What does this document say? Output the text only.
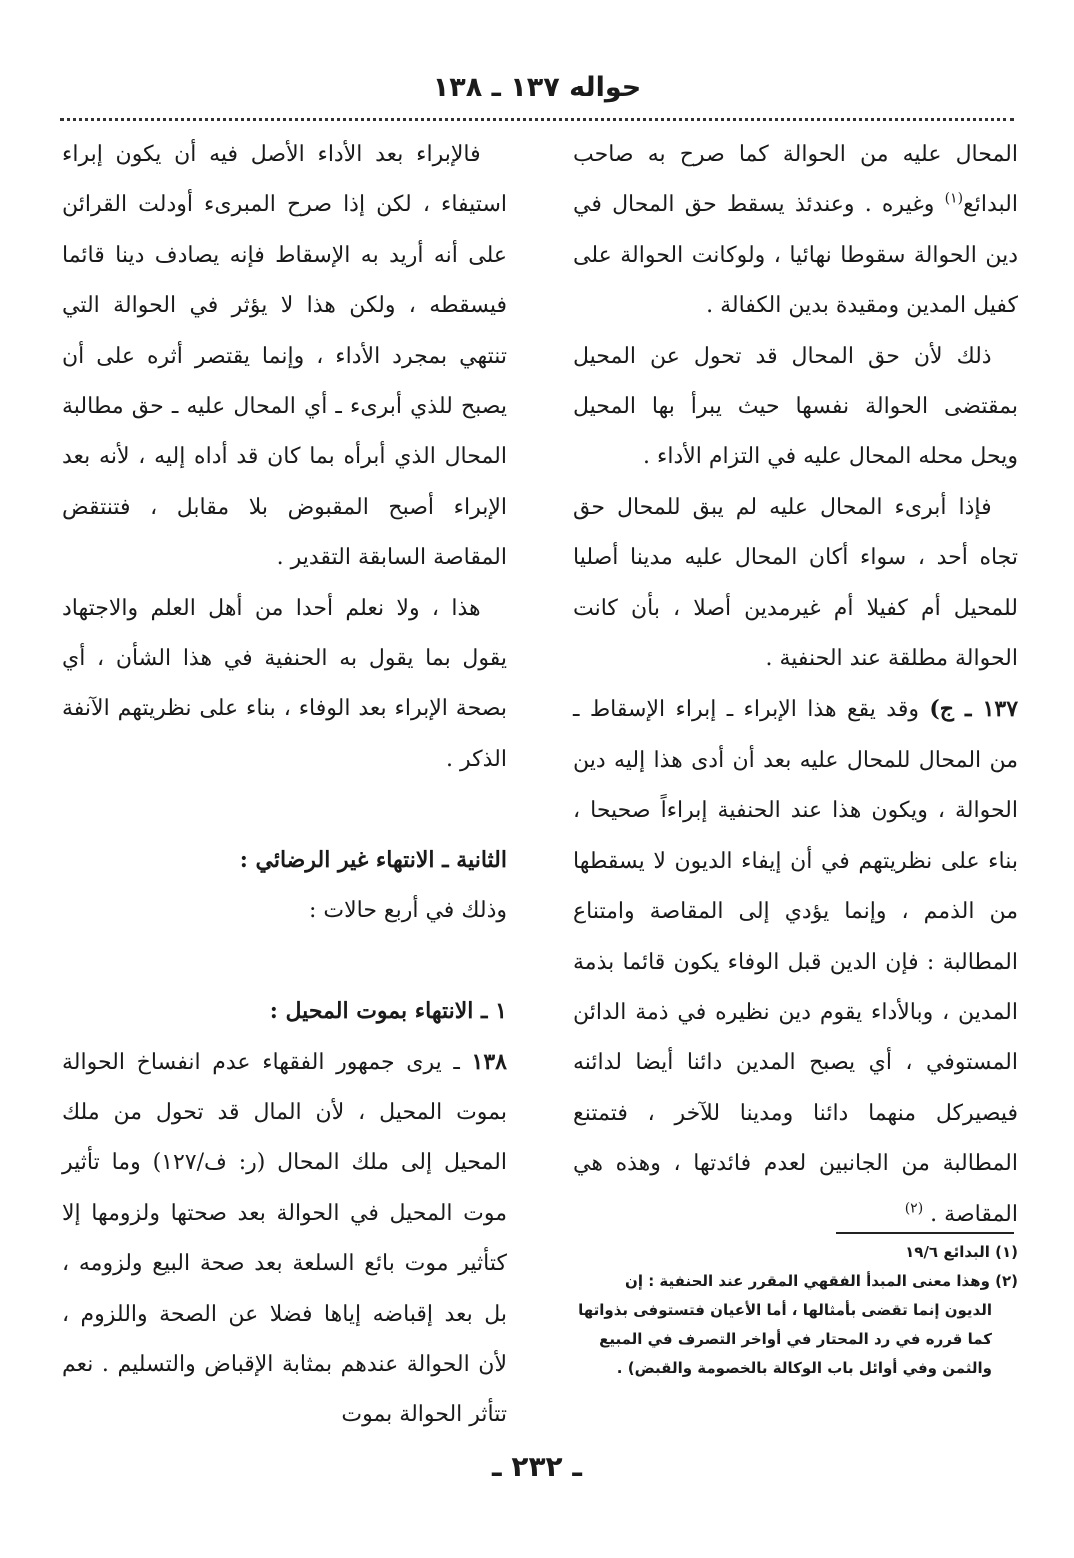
حواله ١٣٧ ـ ١٣٨

المحال عليه من الحوالة كما صرح به صاحب البدائع$^{(١)}$ وغيره . وعندئذ يسقط حق المحال في دين الحوالة سقوطا نهائيا ، ولوكانت الحوالة على كفيل المدين ومقيدة بدين الكفالة .

ذلك لأن حق المحال قد تحول عن المحيل بمقتضى الحوالة نفسها حيث يبرأ بها المحيل ويحل محله المحال عليه في التزام الأداء .

فإذا أبرىء المحال عليه لم يبق للمحال حق تجاه أحد ، سواء أكان المحال عليه مدينا أصليا للمحيل أم كفيلا أم غيرمدين أصلا ، بأن كانت الحوالة مطلقة عند الحنفية .

١٣٧ ـ ج) وقد يقع هذا الإبراء ـ إبراء الإسقاط ـ من المحال للمحال عليه بعد أن أدى هذا إليه دين الحوالة ، ويكون هذا عند الحنفية إبراءاً صحيحا ، بناء على نظريتهم في أن إيفاء الديون لا يسقطها من الذمم ، وإنما يؤدي إلى المقاصة وامتناع المطالبة : فإن الدين قبل الوفاء يكون قائما بذمة المدين ، وبالأداء يقوم دين نظيره في ذمة الدائن المستوفي ، أي يصبح المدين دائنا أيضا لدائنه فيصيركل منهما دائنا ومدينا للآخر ، فتمتنع المطالبة من الجانبين لعدم فائدتها ، وهذه هي المقاصة . $^{(٢)}$

فالإبراء بعد الأداء الأصل فيه أن يكون إبراء استيفاء ، لكن إذا صرح المبرىء أودلت القرائن على أنه أريد به الإسقاط فإنه يصادف دينا قائما فيسقطه ، ولكن هذا لا يؤثر في الحوالة التي تنتهي بمجرد الأداء ، وإنما يقتصر أثره على أن يصبح للذي أبرىء ـ أي المحال عليه ـ حق مطالبة المحال الذي أبرأه بما كان قد أداه إليه ، لأنه بعد الإبراء أصبح المقبوض بلا مقابل ، فتنتقض المقاصة السابقة التقدير .

هذا ، ولا نعلم أحدا من أهل العلم والاجتهاد يقول بما يقول به الحنفية في هذا الشأن ، أي بصحة الإبراء بعد الوفاء ، بناء على نظريتهم الآنفة الذكر .

الثانية ـ الانتهاء غير الرضائي :

وذلك في أربع حالات :

١ ـ الانتهاء بموت المحيل :

١٣٨ ـ يرى جمهور الفقهاء عدم انفساخ الحوالة بموت المحيل ، لأن المال قد تحول من ملك المحيل إلى ملك المحال (ر: ف/١٢٧) وما تأثير موت المحيل في الحوالة بعد صحتها ولزومها إلا كتأثير موت بائع السلعة بعد صحة البيع ولزومه ، بل بعد إقباضه إياها فضلا عن الصحة واللزوم ، لأن الحوالة عندهم بمثابة الإقباض والتسليم . نعم تتأثر الحوالة بموت

(١) البدائع ١٩/٦

(٢) وهذا معنى المبدأ الفقهي المقرر عند الحنفية : إن الديون إنما تقضى بأمثالها ، أما الأعيان فتستوفى بذواتها كما قرره في رد المحتار في أواخر التصرف في المبيع والثمن وفي أوائل باب الوكالة بالخصومة والقبض) .

ـ ٢٣٢ ـ
